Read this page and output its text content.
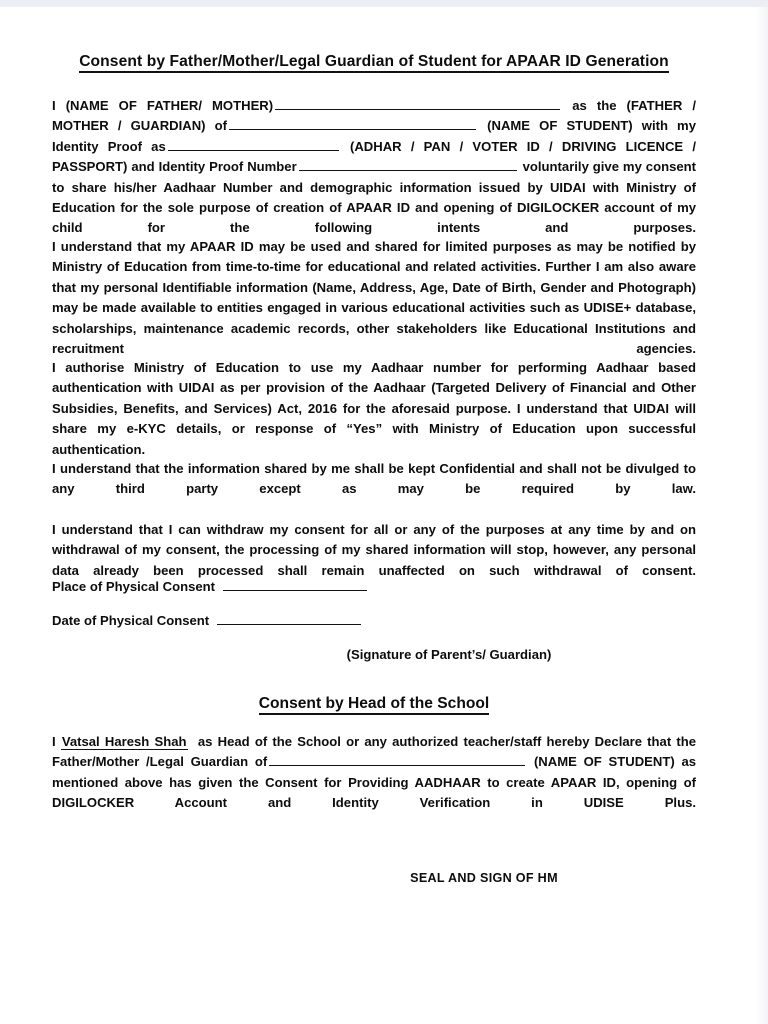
Consent by Father/Mother/Legal Guardian of Student for APAAR ID Generation

I (NAME OF FATHER/ MOTHER)	as the (FATHER / MOTHER / GUARDIAN) of	(NAME OF STUDENT) with my Identity Proof as	(ADHAR / PAN / VOTER ID / DRIVING LICENCE / PASSPORT) and Identity Proof Number	voluntarily give my consent to share his/her Aadhaar Number and demographic information issued by UIDAI with Ministry of Education for the sole purpose of creation of APAAR ID and opening of DIGILOCKER account of my child for the following intents and purposes.

I understand that my APAAR ID may be used and shared for limited purposes as may be notified by Ministry of Education from time-to-time for educational and related activities. Further I am also aware that my personal Identifiable information (Name, Address, Age, Date of Birth, Gender and Photograph) may be made available to entities engaged in various educational activities such as UDISE+ database, scholarships, maintenance academic records, other stakeholders like Educational Institutions and recruitment agencies.

I authorise Ministry of Education to use my Aadhaar number for performing Aadhaar based authentication with UIDAI as per provision of the Aadhaar (Targeted Delivery of Financial and Other Subsidies, Benefits, and Services) Act, 2016 for the aforesaid purpose. I understand that UIDAI will share my e-KYC details, or response of “Yes” with Ministry of Education upon successful authentication.

I understand that the information shared by me shall be kept Confidential and shall not be divulged to any third party except as may be required by law.

I understand that I can withdraw my consent for all or any of the purposes at any time by and on withdrawal of my consent, the processing of my shared information will stop, however, any personal data already been processed shall remain unaffected on such withdrawal of consent.

Place of Physical Consent
Date of Physical Consent
(Signature of Parent’s/ Guardian)
Consent by Head of the School

I Vatsal Haresh Shah as Head of the School or any authorized teacher/staff hereby Declare that the Father/Mother /Legal Guardian of	(NAME OF STUDENT) as mentioned above has given the Consent for Providing AADHAAR to create APAAR ID, opening of DIGILOCKER Account and Identity Verification in UDISE Plus.

SEAL AND SIGN OF HM
